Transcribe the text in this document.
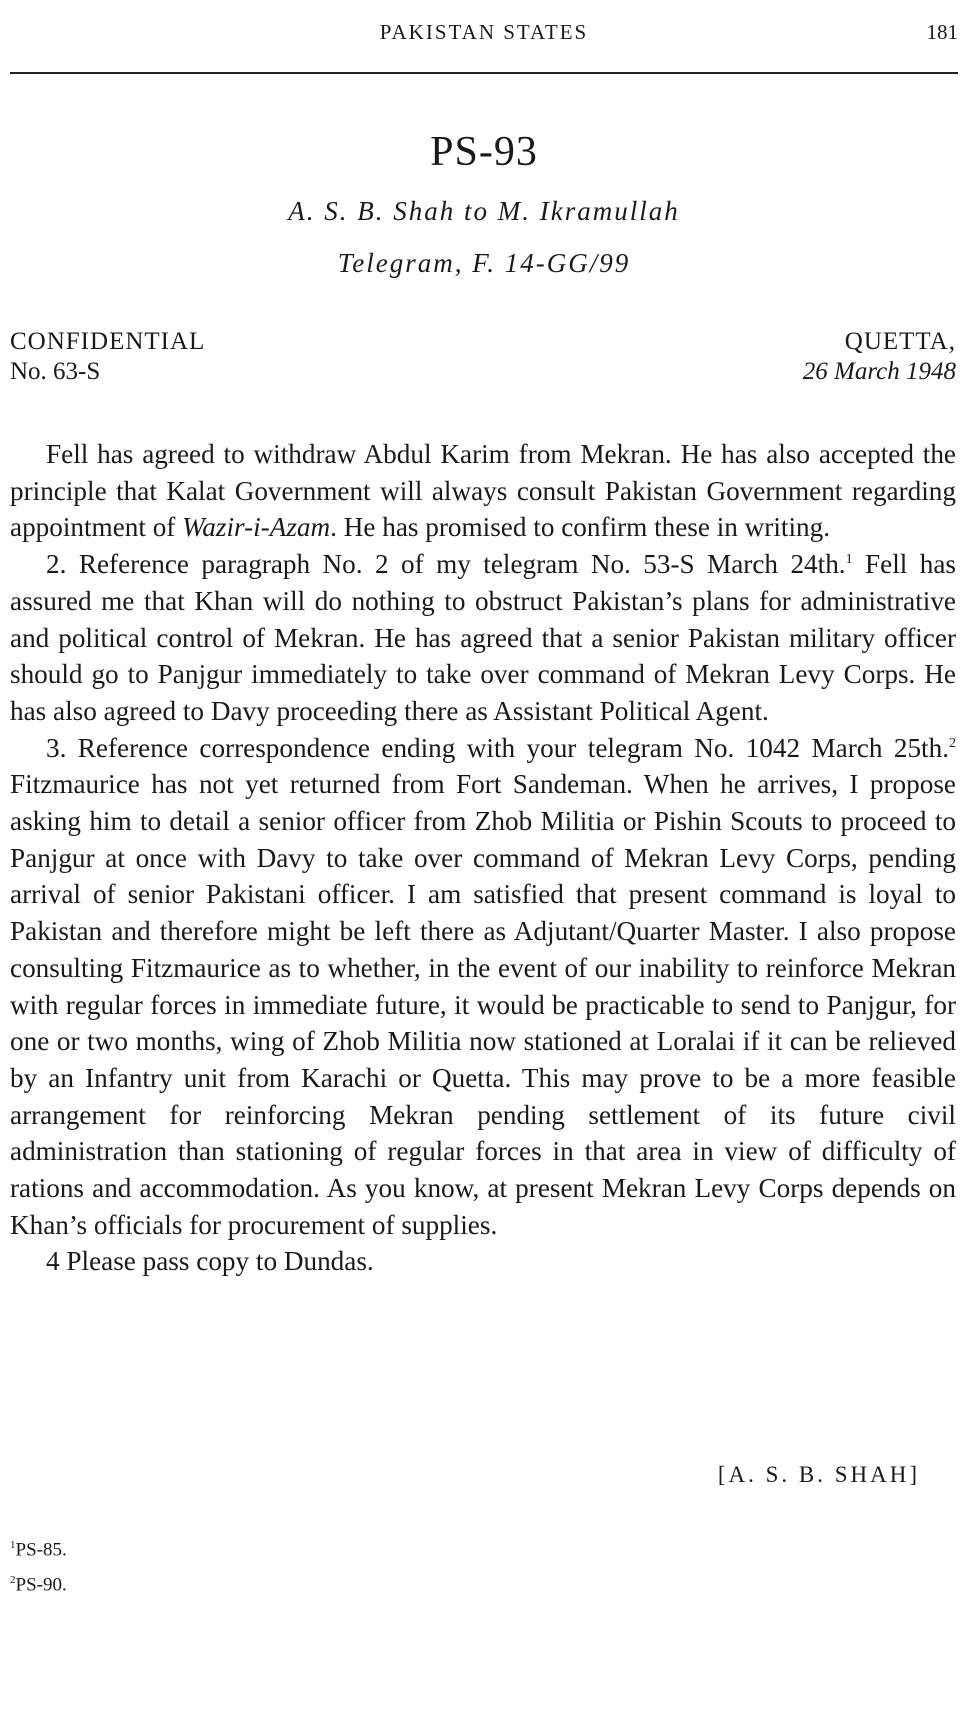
PAKISTAN STATES	181
PS-93
A. S. B. Shah to M. Ikramullah
Telegram, F. 14-GG/99
CONFIDENTIAL	QUETTA,
No. 63-S	26 March 1948

Fell has agreed to withdraw Abdul Karim from Mekran. He has also accepted the principle that Kalat Government will always consult Pakistan Government regarding appointment of Wazir-i-Azam. He has promised to confirm these in writing.

2. Reference paragraph No. 2 of my telegram No. 53-S March 24th.$^1$ Fell has assured me that Khan will do nothing to obstruct Pakistan’s plans for administrative and political control of Mekran. He has agreed that a senior Pakistan military officer should go to Panjgur immediately to take over command of Mekran Levy Corps. He has also agreed to Davy proceeding there as Assistant Political Agent.

3. Reference correspondence ending with your telegram No. 1042 March 25th.$^2$ Fitzmaurice has not yet returned from Fort Sandeman. When he arrives, I propose asking him to detail a senior officer from Zhob Militia or Pishin Scouts to proceed to Panjgur at once with Davy to take over command of Mekran Levy Corps, pending arrival of senior Pakistani officer. I am satisfied that present command is loyal to Pakistan and therefore might be left there as Adjutant/Quarter Master. I also propose consulting Fitzmaurice as to whether, in the event of our inability to reinforce Mekran with regular forces in immediate future, it would be practicable to send to Panjgur, for one or two months, wing of Zhob Militia now stationed at Loralai if it can be relieved by an Infantry unit from Karachi or Quetta. This may prove to be a more feasible arrangement for reinforcing Mekran pending settlement of its future civil administration than stationing of regular forces in that area in view of difficulty of rations and accommodation. As you know, at present Mekran Levy Corps depends on Khan’s officials for procurement of supplies.

4 Please pass copy to Dundas.

[A. S. B. SHAH]
$^1$PS-85.
$^2$PS-90.
